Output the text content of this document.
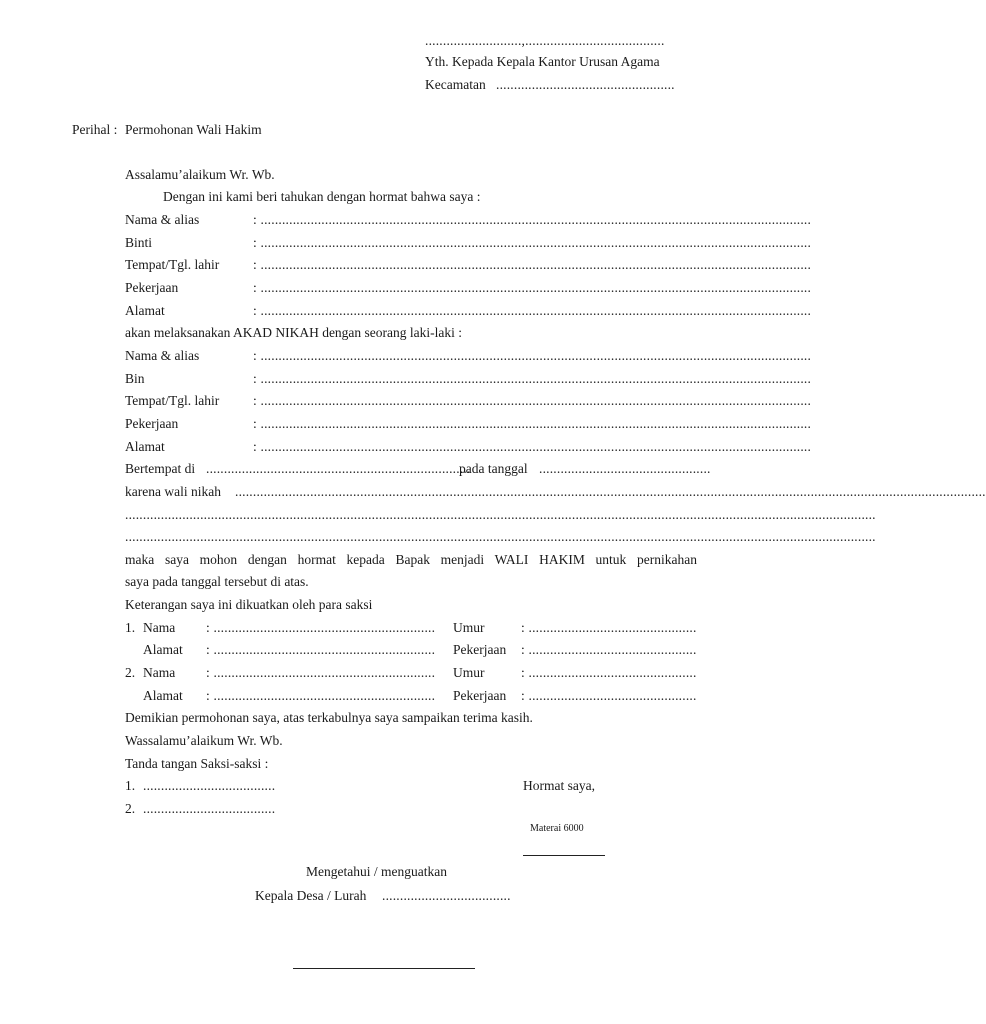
...........................,.......................................
Yth. Kepada Kepala Kantor Urusan Agama
Kecamatan ..................................................
Perihal : Permohonan Wali Hakim
Assalamu’alaikum Wr. Wb.
Dengan ini kami beri tahukan dengan hormat bahwa saya :
Nama & alias	: ..........................................................................................................................................................
Binti	: ..........................................................................................................................................................
Tempat/Tgl. lahir : ..........................................................................................................................................................
Pekerjaan	: ..........................................................................................................................................................
Alamat	: ..........................................................................................................................................................
akan melaksanakan AKAD NIKAH dengan seorang laki-laki :
Nama & alias	: ..........................................................................................................................................................
Bin	: ..........................................................................................................................................................
Tempat/Tgl. lahir : ..........................................................................................................................................................
Pekerjaan	: ..........................................................................................................................................................
Alamat	: ..........................................................................................................................................................
Bertempat di ..........................................................................
pada tanggal ................................................
karena wali nikah ..................................................................................................................................................................................................................
..................................................................................................................................................................................................................
..................................................................................................................................................................................................................
maka saya mohon dengan hormat kepada Bapak menjadi WALI HAKIM untuk pernikahan
saya pada tanggal tersebut di atas.
Keterangan saya ini dikuatkan oleh para saksi
1. Nama : ..............................................................	Umur	: ...............................................
Alamat : ..............................................................	Pekerjaan : ...............................................
2. Nama : ..............................................................	Umur	: ...............................................
Alamat : ..............................................................	Pekerjaan : ...............................................
Demikian permohonan saya, atas terkabulnya saya sampaikan terima kasih.
Wassalamu’alaikum Wr. Wb.
Tanda tangan Saksi-saksi :
1. .....................................	Hormat saya,
2. .....................................
Materai 6000
Mengetahui / menguatkan
Kepala Desa / Lurah ....................................
